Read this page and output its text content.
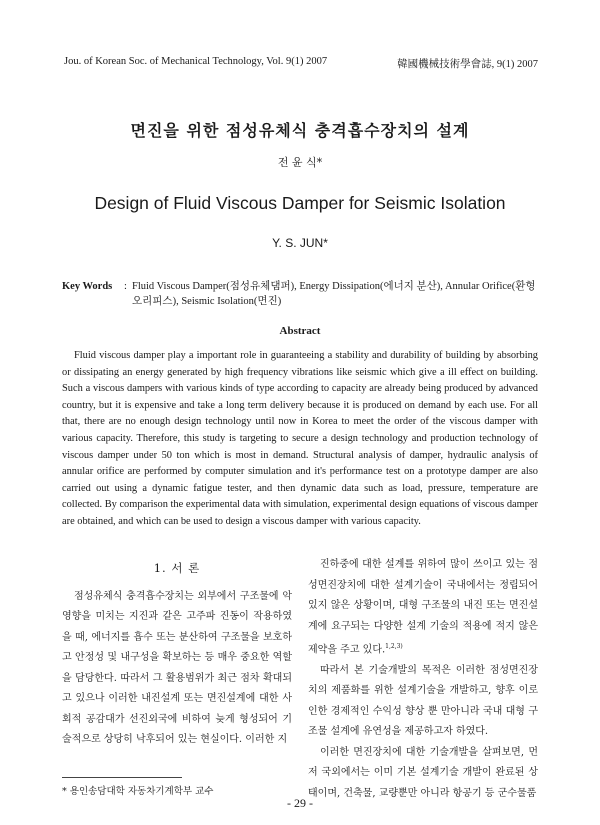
Jou. of Korean Soc. of Mechanical Technology, Vol. 9(1) 2007	韓國機械技術學會誌, 9(1) 2007
면진을 위한 점성유체식 충격흡수장치의 설계
전 윤 식*
Design of Fluid Viscous Damper for Seismic Isolation
Y. S. JUN*
Key Words : Fluid Viscous Damper(점성유체댐퍼), Energy Dissipation(에너지 분산), Annular Orifice(환형오리피스), Seismic Isolation(면진)
Abstract
Fluid viscous damper play a important role in guaranteeing a stability and durability of building by absorbing or dissipating an energy generated by high frequency vibrations like seismic which give a ill effect on building. Such a viscous dampers with various kinds of type according to capacity are already being produced by advanced country, but it is expensive and take a long term delivery because it is produced on demand by each use. For all that, there are no enough design technology until now in Korea to meet the order of the viscous damper with various capacity. Therefore, this study is targeting to secure a design technology and production technology of viscous damper under 50 ton which is most in demand. Structural analysis of damper, hydraulic analysis of annular orifice are performed by computer simulation and it's performance test on a prototype damper are also carried out using a dynamic fatigue tester, and then dynamic data such as load, pressure, temperature are collected. By comparison the experimental data with simulation, experimental design equations of viscous damper are obtained, and which can be used to design a viscous damper with various capacity.
1. 서 론
점성유체식 충격흡수장치는 외부에서 구조물에 악영향을 미치는 지진과 같은 고주파 진동이 작용하였을 때, 에너지를 흡수 또는 분산하여 구조물을 보호하고 안정성 및 내구성을 확보하는 등 매우 중요한 역할을 담당한다. 따라서 그 활용범위가 최근 점차 확대되고 있으나 이러한 내진설계 또는 면진설계에 대한 사회적 공감대가 선진외국에 비하여 늦게 형성되어 기술적으로 상당히 낙후되어 있는 현실이다. 이러한 지

진하중에 대한 설계를 위하여 많이 쓰이고 있는 점성면진장치에 대한 설계기술이 국내에서는 정립되어 있지 않은 상황이며, 대형 구조물의 내진 또는 면진설계에 요구되는 다양한 설계 기술의 적용에 적지 않은 제약을 주고 있다.$^{1,2,3)}$

따라서 본 기술개발의 목적은 이러한 점성면진장치의 제품화를 위한 설계기술을 개발하고, 향후 이로 인한 경제적인 수익성 향상 뿐 만아니라 국내 대형 구조물 설계에 유연성을 제공하고자 하였다.

이러한 면진장치에 대한 기술개발을 살펴보면, 먼저 국외에서는 이미 기본 설계기술 개발이 완료된 상태이며, 건축물, 교량뿐만 아니라 항공기 등 군수물품

* 용인송담대학 자동차기계학부 교수
- 29 -
